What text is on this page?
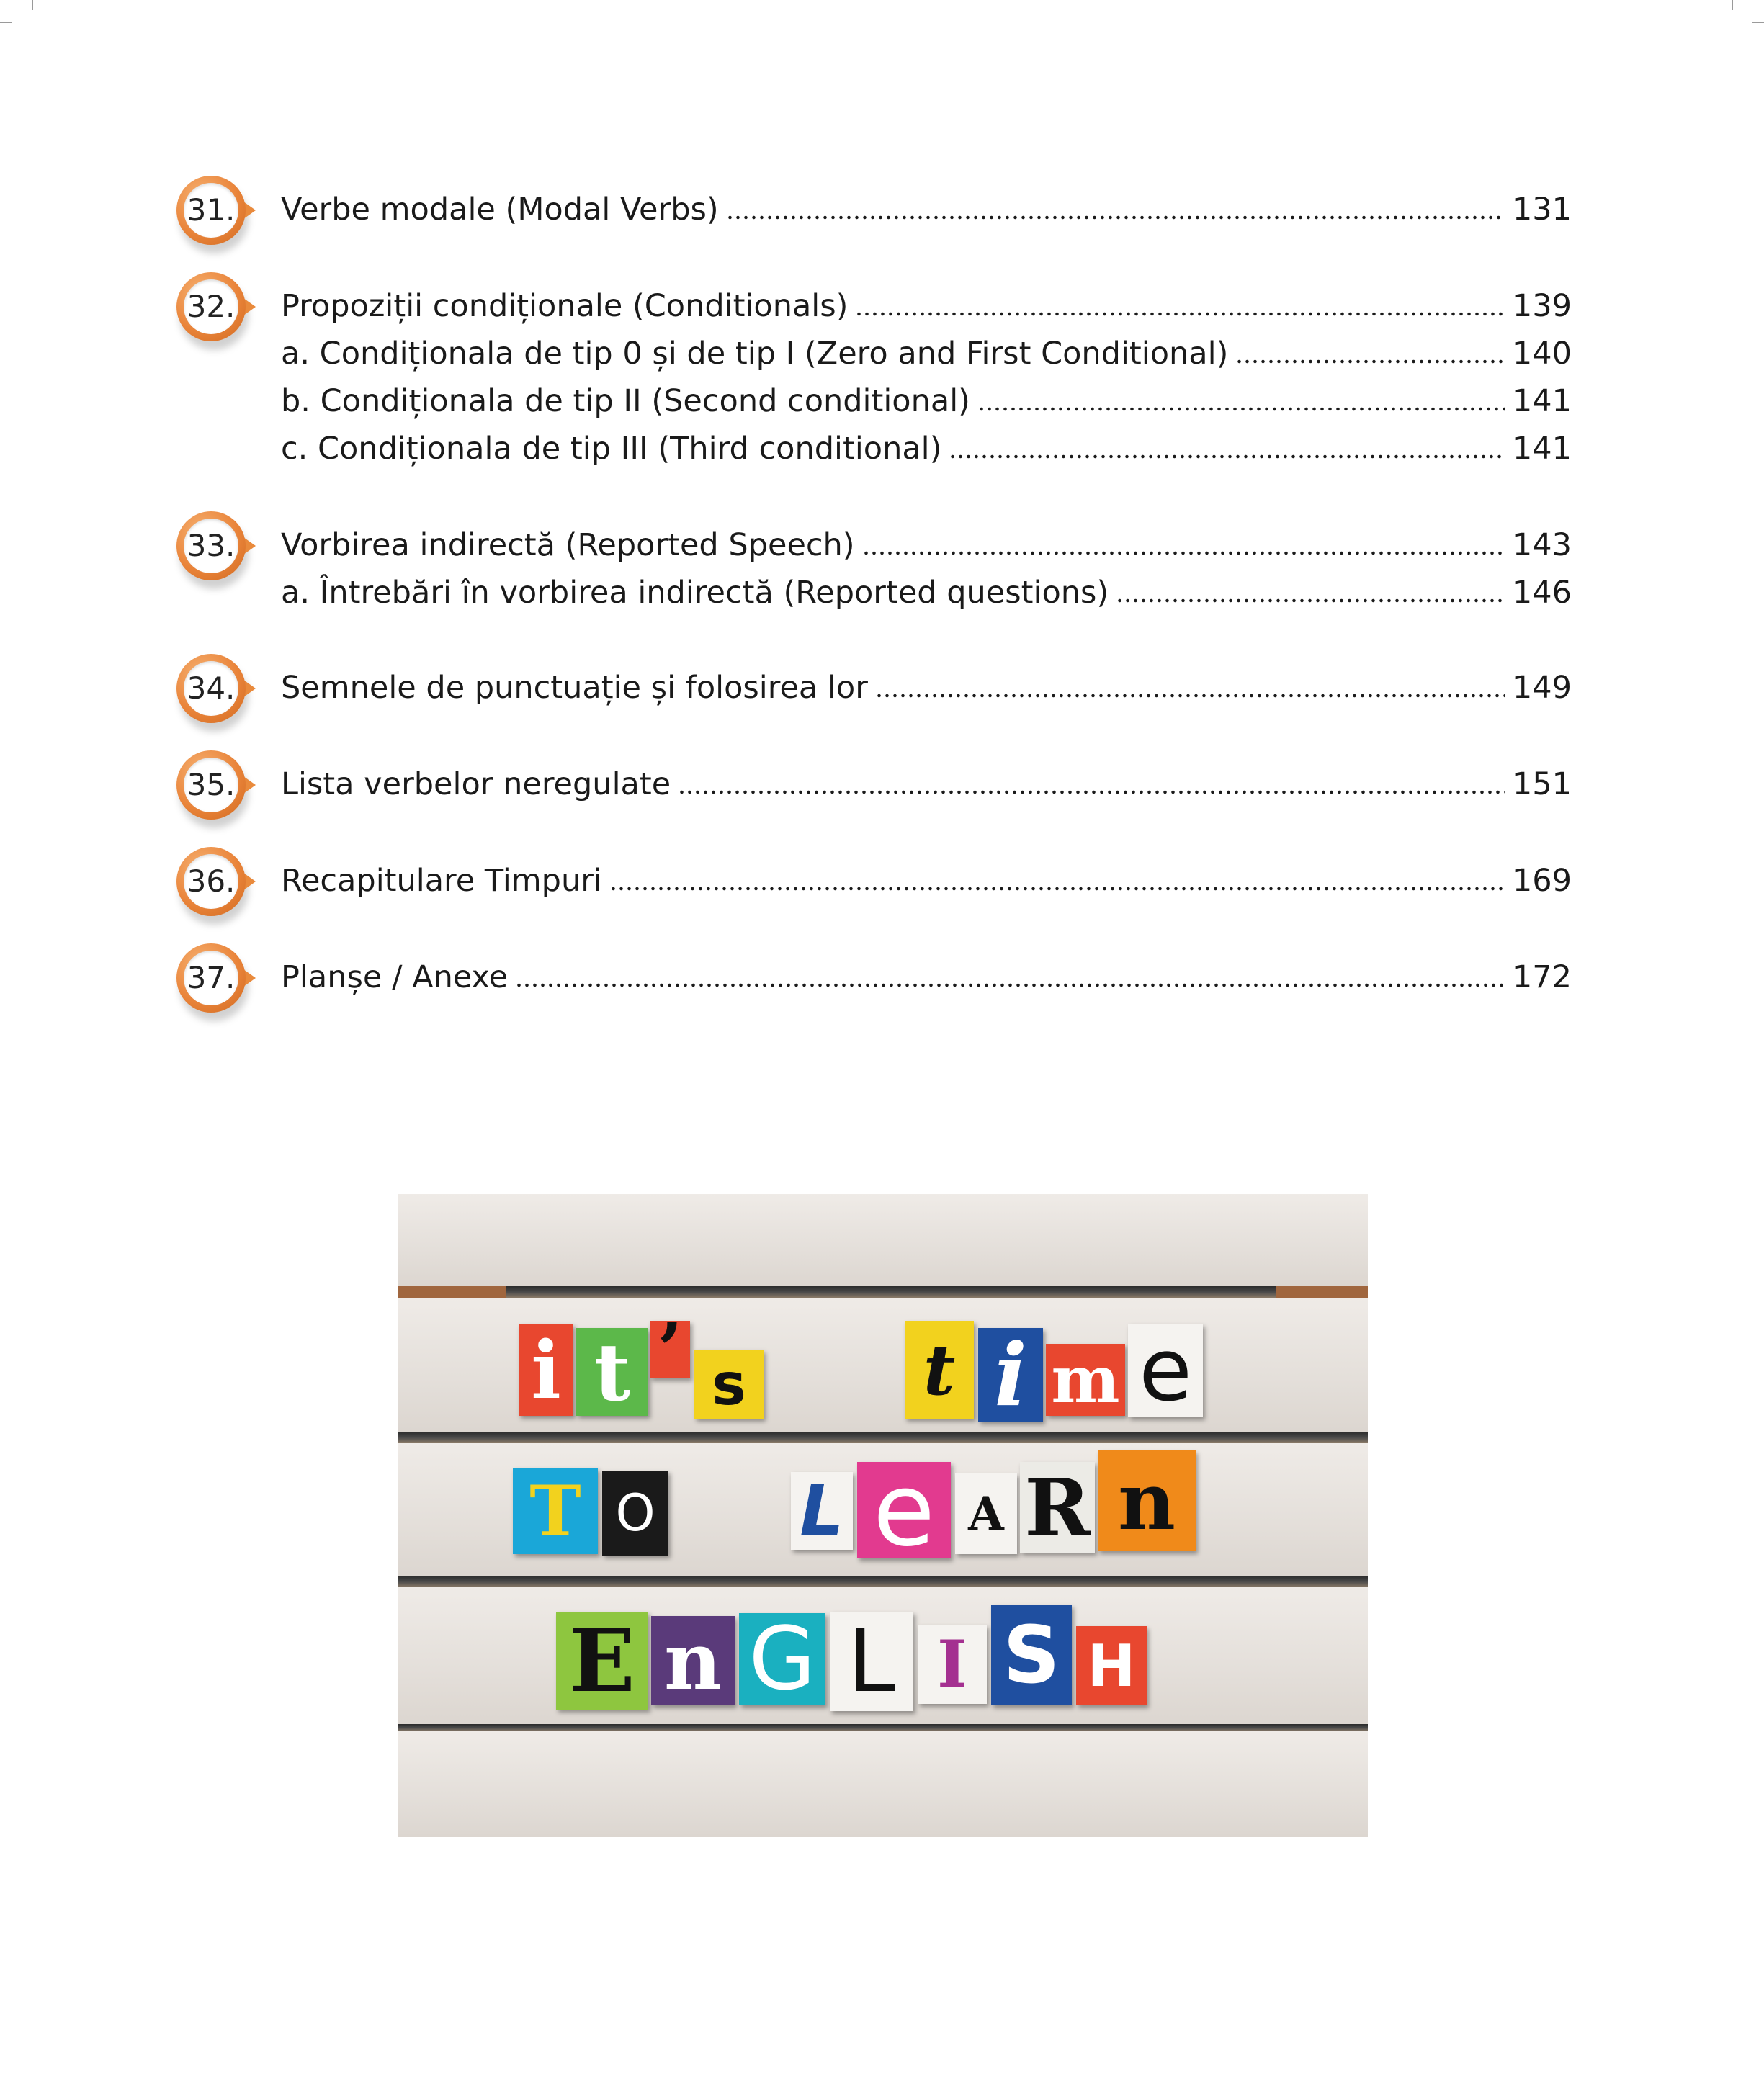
31.	Verbe modale (Modal Verbs)	131
32.	Propoziții condiționale (Conditionals)	139
a. Condiționala de tip 0 și de tip I (Zero and First Conditional)	140
b. Condiționala de tip II (Second conditional)	141
c. Condiționala de tip III (Third conditional)	141
33.	Vorbirea indirectă (Reported Speech)	143
a. Întrebări în vorbirea indirectă (Reported questions)	146
34.	Semnele de punctuație și folosirea lor	149
35.	Lista verbelor neregulate	151
36.	Recapitulare Timpuri	169
37.	Planșe / Anexe	172
i t ’ s	t i m e
T O L e A R n
E n G L I S H
